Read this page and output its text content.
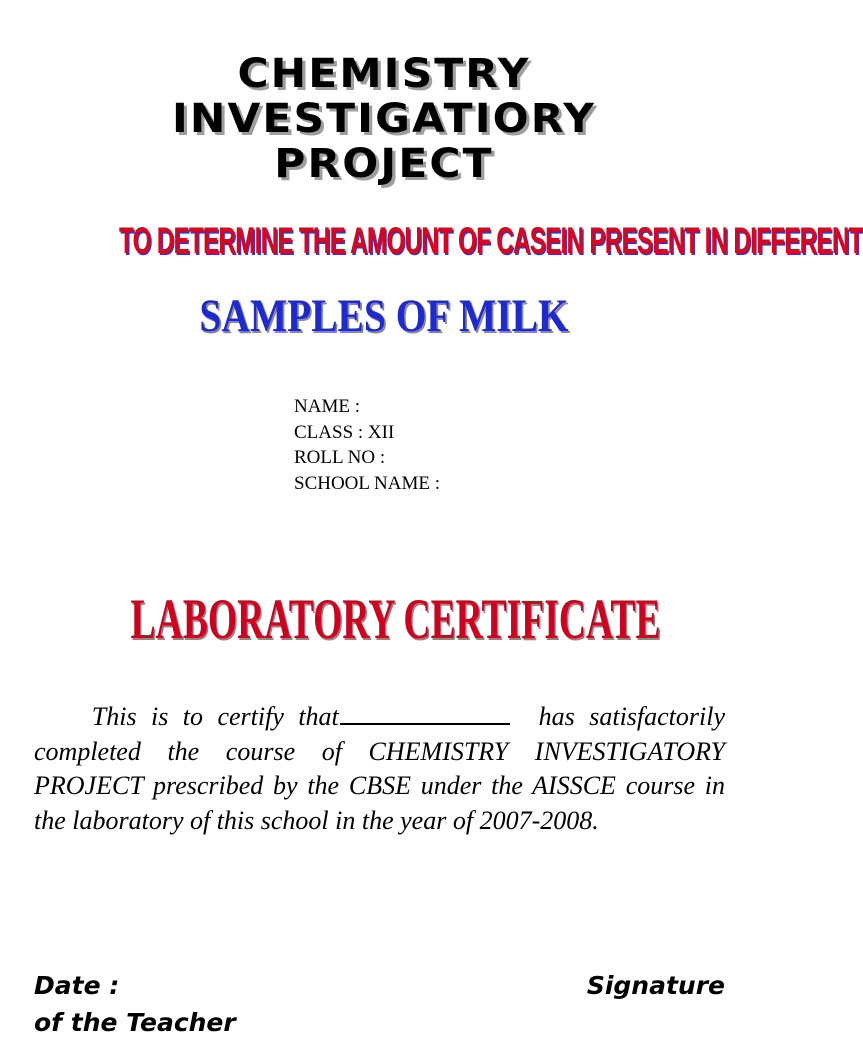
CHEMISTRY
INVESTIGATIORY
PROJECT
TO DETERMINE THE AMOUNT OF CASEIN PRESENT IN DIFFERENT
SAMPLES OF MILK
NAME :
CLASS : XII
ROLL NO :
SCHOOL NAME :
LABORATORY CERTIFICATE
This is to certify that	has satisfactorily completed the course of CHEMISTRY INVESTIGATORY PROJECT prescribed by the CBSE under the AISSCE course in the laboratory of this school in the year of 2007-2008.
Date :	Signature
of the Teacher
